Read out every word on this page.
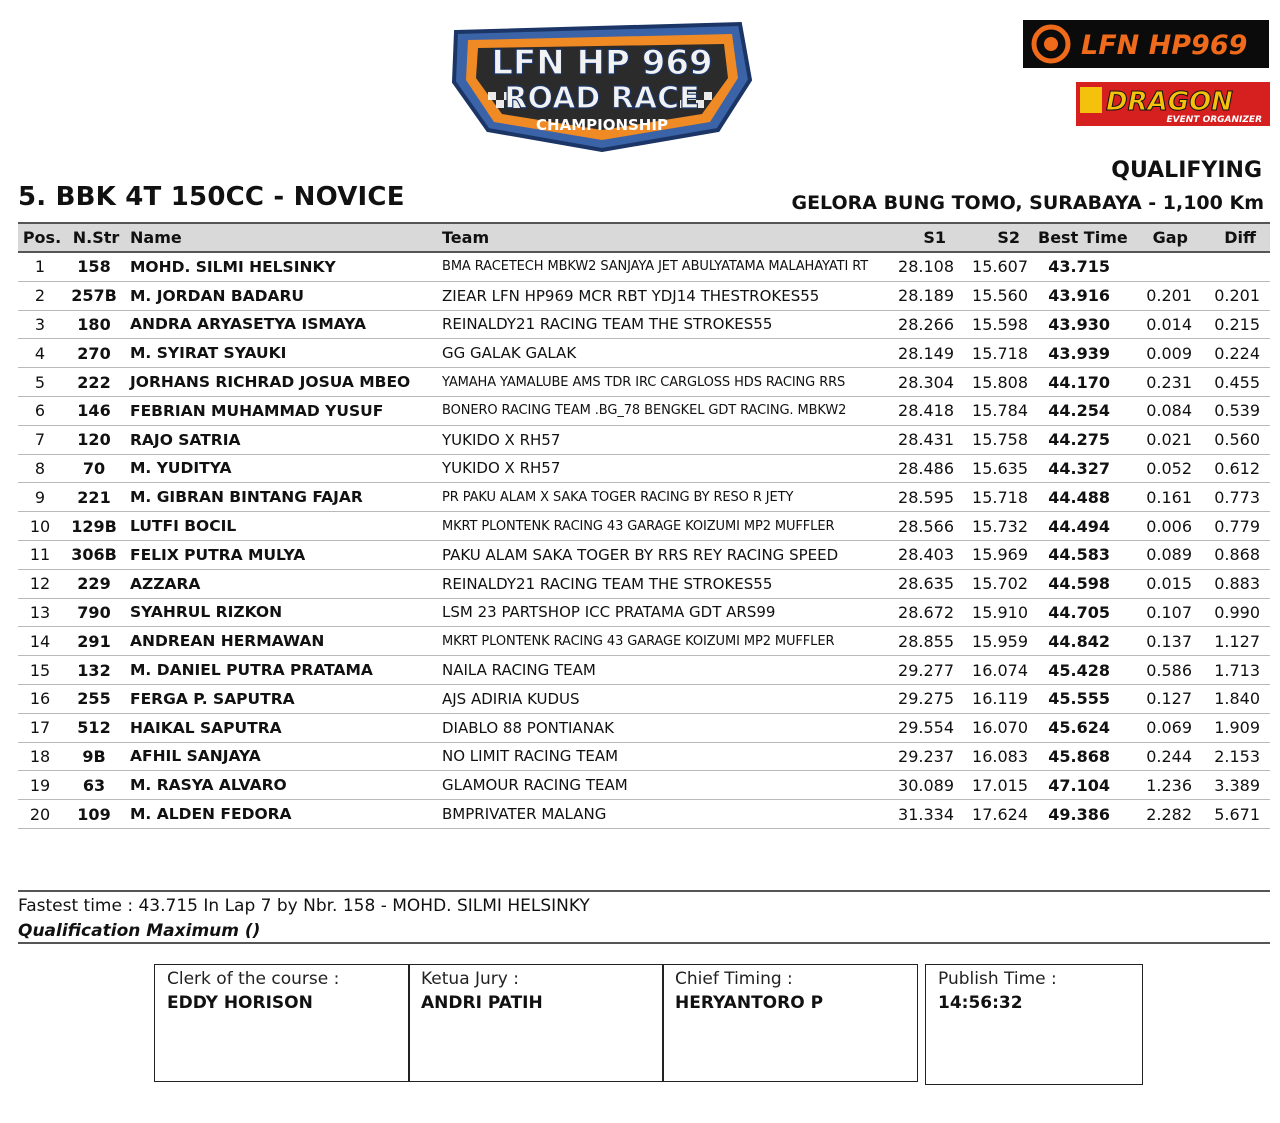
LFN HP 969
ROAD RACE
CHAMPIONSHIP
LFN HP969
DRAGON
EVENT ORGANIZER
QUALIFYING
GELORA BUNG TOMO, SURABAYA - 1,100 Km
5. BBK 4T 150CC - NOVICE
Pos.	N.Str	Name	Team	S1	S2	Best Time	Gap	Diff
1	158	MOHD. SILMI HELSINKY	BMA RACETECH MBKW2 SANJAYA JET ABULYATAMA MALAHAYATI RT	28.108	15.607	43.715		
2	257B	M. JORDAN BADARU	ZIEAR LFN HP969 MCR RBT YDJ14 THESTROKES55	28.189	15.560	43.916	0.201	0.201
3	180	ANDRA ARYASETYA ISMAYA	REINALDY21 RACING TEAM THE STROKES55	28.266	15.598	43.930	0.014	0.215
4	270	M. SYIRAT SYAUKI	GG GALAK GALAK	28.149	15.718	43.939	0.009	0.224
5	222	JORHANS RICHRAD JOSUA MBEO	YAMAHA YAMALUBE AMS TDR IRC CARGLOSS HDS RACING RRS	28.304	15.808	44.170	0.231	0.455
6	146	FEBRIAN MUHAMMAD YUSUF	BONERO RACING TEAM .BG_78 BENGKEL GDT RACING. MBKW2	28.418	15.784	44.254	0.084	0.539
7	120	RAJO SATRIA	YUKIDO X RH57	28.431	15.758	44.275	0.021	0.560
8	70	M. YUDITYA	YUKIDO X RH57	28.486	15.635	44.327	0.052	0.612
9	221	M. GIBRAN BINTANG FAJAR	PR PAKU ALAM X SAKA TOGER RACING BY RESO R JETY	28.595	15.718	44.488	0.161	0.773
10	129B	LUTFI BOCIL	MKRT PLONTENK RACING 43 GARAGE KOIZUMI MP2 MUFFLER	28.566	15.732	44.494	0.006	0.779
11	306B	FELIX PUTRA MULYA	PAKU ALAM SAKA TOGER BY RRS REY RACING SPEED	28.403	15.969	44.583	0.089	0.868
12	229	AZZARA	REINALDY21 RACING TEAM THE STROKES55	28.635	15.702	44.598	0.015	0.883
13	790	SYAHRUL RIZKON	LSM 23 PARTSHOP ICC PRATAMA GDT ARS99	28.672	15.910	44.705	0.107	0.990
14	291	ANDREAN HERMAWAN	MKRT PLONTENK RACING 43 GARAGE KOIZUMI MP2 MUFFLER	28.855	15.959	44.842	0.137	1.127
15	132	M. DANIEL PUTRA PRATAMA	NAILA RACING TEAM	29.277	16.074	45.428	0.586	1.713
16	255	FERGA P. SAPUTRA	AJS ADIRIA KUDUS	29.275	16.119	45.555	0.127	1.840
17	512	HAIKAL SAPUTRA	DIABLO 88 PONTIANAK	29.554	16.070	45.624	0.069	1.909
18	9B	AFHIL SANJAYA	NO LIMIT RACING TEAM	29.237	16.083	45.868	0.244	2.153
19	63	M. RASYA ALVARO	GLAMOUR RACING TEAM	30.089	17.015	47.104	1.236	3.389
20	109	M. ALDEN FEDORA	BMPRIVATER MALANG	31.334	17.624	49.386	2.282	5.671
Fastest time : 43.715 In Lap 7 by Nbr. 158 - MOHD. SILMI HELSINKY
Qualification Maximum ()
Clerk of the course :
EDDY HORISON
Ketua Jury :
ANDRI PATIH
Chief Timing :
HERYANTORO P
Publish Time :
14:56:32
